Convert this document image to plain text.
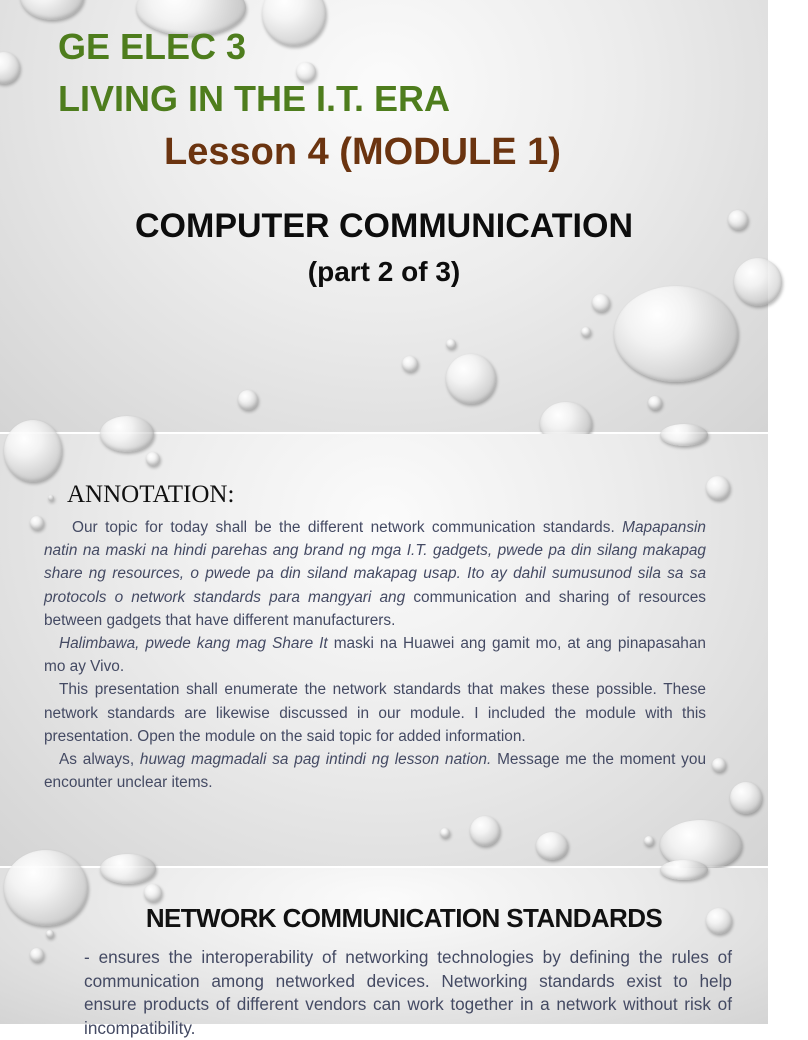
GE ELEC 3

LIVING IN THE I.T. ERA

Lesson 4 (MODULE 1)

COMPUTER COMMUNICATION

(part 2 of 3)

ANNOTATION:

Our topic for today shall be the different network communication standards. Mapapansin natin na maski na hindi parehas ang brand ng mga I.T. gadgets, pwede pa din silang makapag share ng resources, o pwede pa din siland makapag usap. Ito ay dahil sumusunod sila sa sa protocols o network standards para mangyari ang communication and sharing of resources between gadgets that have different manufacturers.

Halimbawa, pwede kang mag Share It maski na Huawei ang gamit mo, at ang pinapasahan mo ay Vivo.

This presentation shall enumerate the network standards that makes these possible. These network standards are likewise discussed in our module. I included the module with this presentation. Open the module on the said topic for added information.

As always, huwag magmadali sa pag intindi ng lesson nation. Message me the moment you encounter unclear items.

NETWORK COMMUNICATION STANDARDS

- ensures the interoperability of networking technologies by defining the rules of communication among networked devices. Networking standards exist to help ensure products of different vendors can work together in a network without risk of incompatibility.
